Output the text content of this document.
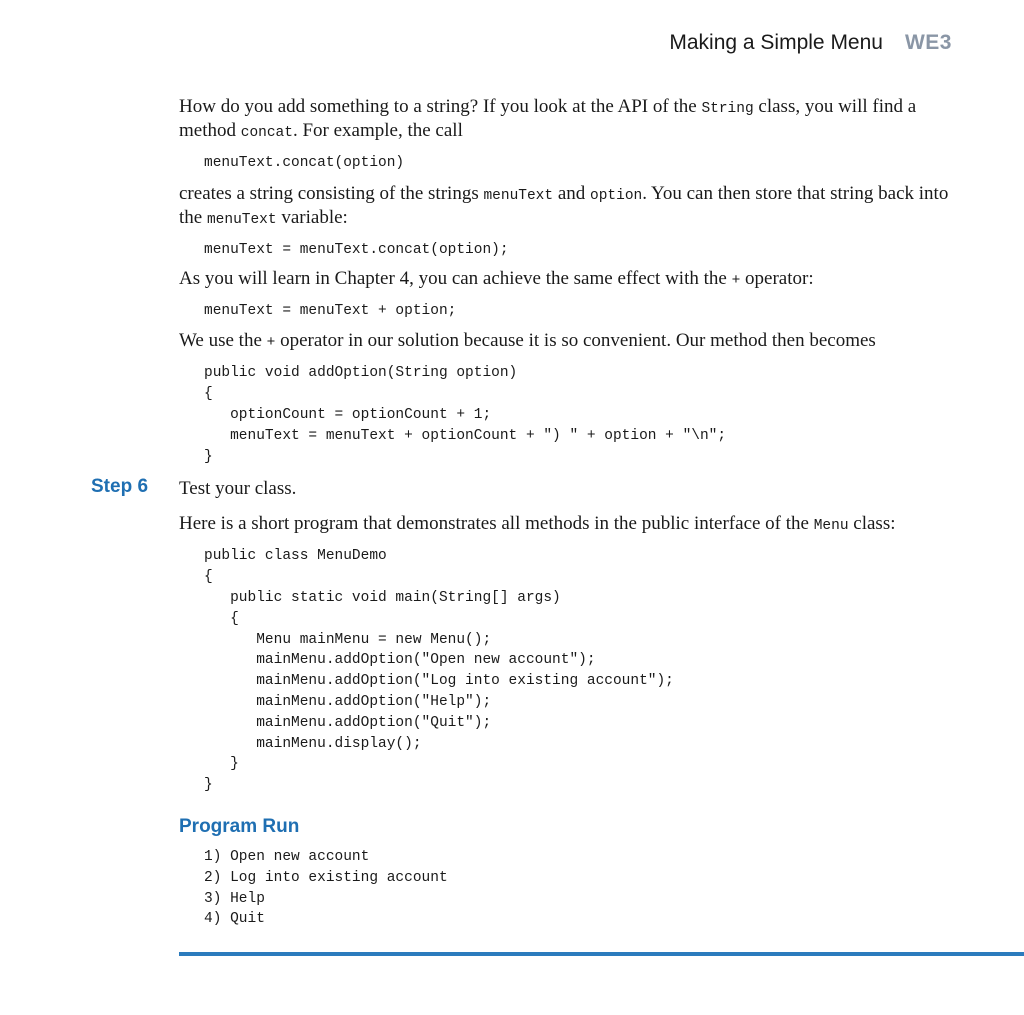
Making a Simple Menu WE3
Step 6

How do you add something to a string? If you look at the API of the String class, you will find a method concat. For example, the call

menuText.concat(option)

creates a string consisting of the strings menuText and option. You can then store that string back into the menuText variable:

menuText = menuText.concat(option);

As you will learn in Chapter 4, you can achieve the same effect with the + operator:

menuText = menuText + option;

We use the + operator in our solution because it is so convenient. Our method then becomes

public void addOption(String option)
{
optionCount = optionCount + 1;
menuText = menuText + optionCount + ") " + option + "\n";
}

Test your class.

Here is a short program that demonstrates all methods in the public interface of the Menu class:

public class MenuDemo
{
public static void main(String[] args)
{
Menu mainMenu = new Menu();
mainMenu.addOption("Open new account");
mainMenu.addOption("Log into existing account");
mainMenu.addOption("Help");
mainMenu.addOption("Quit");
mainMenu.display();
}
}

Program Run

1) Open new account
2) Log into existing account
3) Help
4) Quit
